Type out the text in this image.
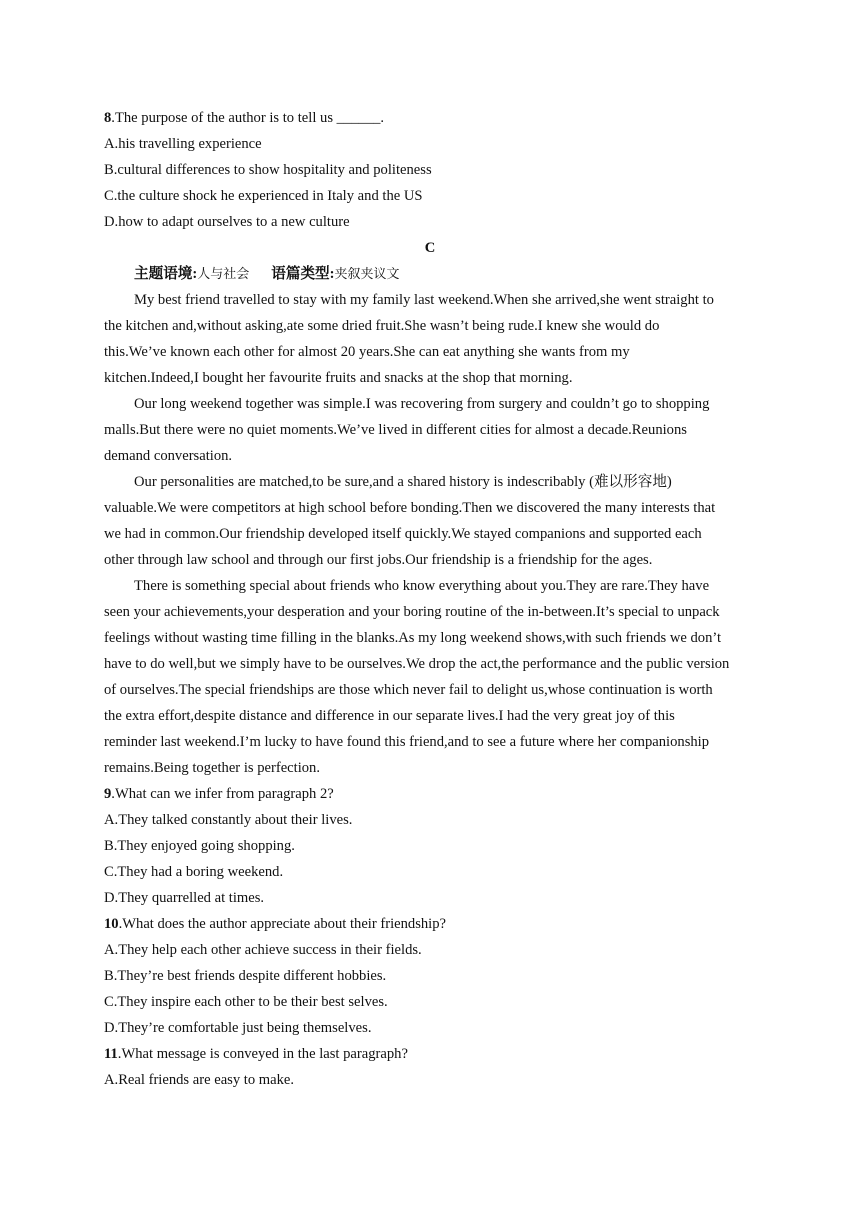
8.The purpose of the author is to tell us ______.
A.his travelling experience
B.cultural differences to show hospitality and politeness
C.the culture shock he experienced in Italy and the US
D.how to adapt ourselves to a new culture
C
主题语境:人与社会 语篇类型:夹叙夹议文
My best friend travelled to stay with my family last weekend.When she arrived,she went straight to
the kitchen and,without asking,ate some dried fruit.She wasn’t being rude.I knew she would do
this.We’ve known each other for almost 20 years.She can eat anything she wants from my
kitchen.Indeed,I bought her favourite fruits and snacks at the shop that morning.
Our long weekend together was simple.I was recovering from surgery and couldn’t go to shopping
malls.But there were no quiet moments.We’ve lived in different cities for almost a decade.Reunions
demand conversation.
Our personalities are matched,to be sure,and a shared history is indescribably (难以形容地)
valuable.We were competitors at high school before bonding.Then we discovered the many interests that
we had in common.Our friendship developed itself quickly.We stayed companions and supported each
other through law school and through our first jobs.Our friendship is a friendship for the ages.
There is something special about friends who know everything about you.They are rare.They have
seen your achievements,your desperation and your boring routine of the in-between.It’s special to unpack
feelings without wasting time filling in the blanks.As my long weekend shows,with such friends we don’t
have to do well,but we simply have to be ourselves.We drop the act,the performance and the public version
of ourselves.The special friendships are those which never fail to delight us,whose continuation is worth
the extra effort,despite distance and difference in our separate lives.I had the very great joy of this
reminder last weekend.I’m lucky to have found this friend,and to see a future where her companionship
remains.Being together is perfection.
9.What can we infer from paragraph 2?
A.They talked constantly about their lives.
B.They enjoyed going shopping.
C.They had a boring weekend.
D.They quarrelled at times.
10.What does the author appreciate about their friendship?
A.They help each other achieve success in their fields.
B.They’re best friends despite different hobbies.
C.They inspire each other to be their best selves.
D.They’re comfortable just being themselves.
11.What message is conveyed in the last paragraph?
A.Real friends are easy to make.
